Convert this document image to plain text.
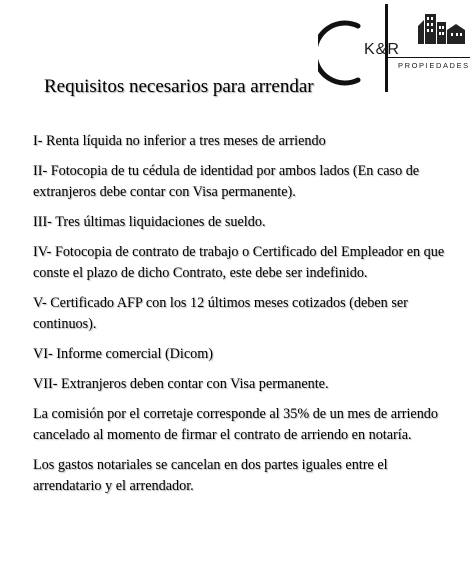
K&R
PROPIEDADES
Requisitos necesarios para arrendar

I- Renta líquida no inferior a tres meses de arriendo

II- Fotocopia de tu cédula de identidad por ambos lados (En caso de extranjeros debe contar con Visa permanente).

III- Tres últimas liquidaciones de sueldo.

IV- Fotocopia de contrato de trabajo o Certificado del Empleador en que conste el plazo de dicho Contrato, este debe ser indefinido.

V- Certificado AFP con los 12 últimos meses cotizados (deben ser continuos).

VI- Informe comercial (Dicom)

VII- Extranjeros deben contar con Visa permanente.

La comisión por el corretaje corresponde al 35% de un mes de arriendo cancelado al momento de firmar el contrato de arriendo en notaría.

Los gastos notariales se cancelan en dos partes iguales entre el arrendatario y el arrendador.
